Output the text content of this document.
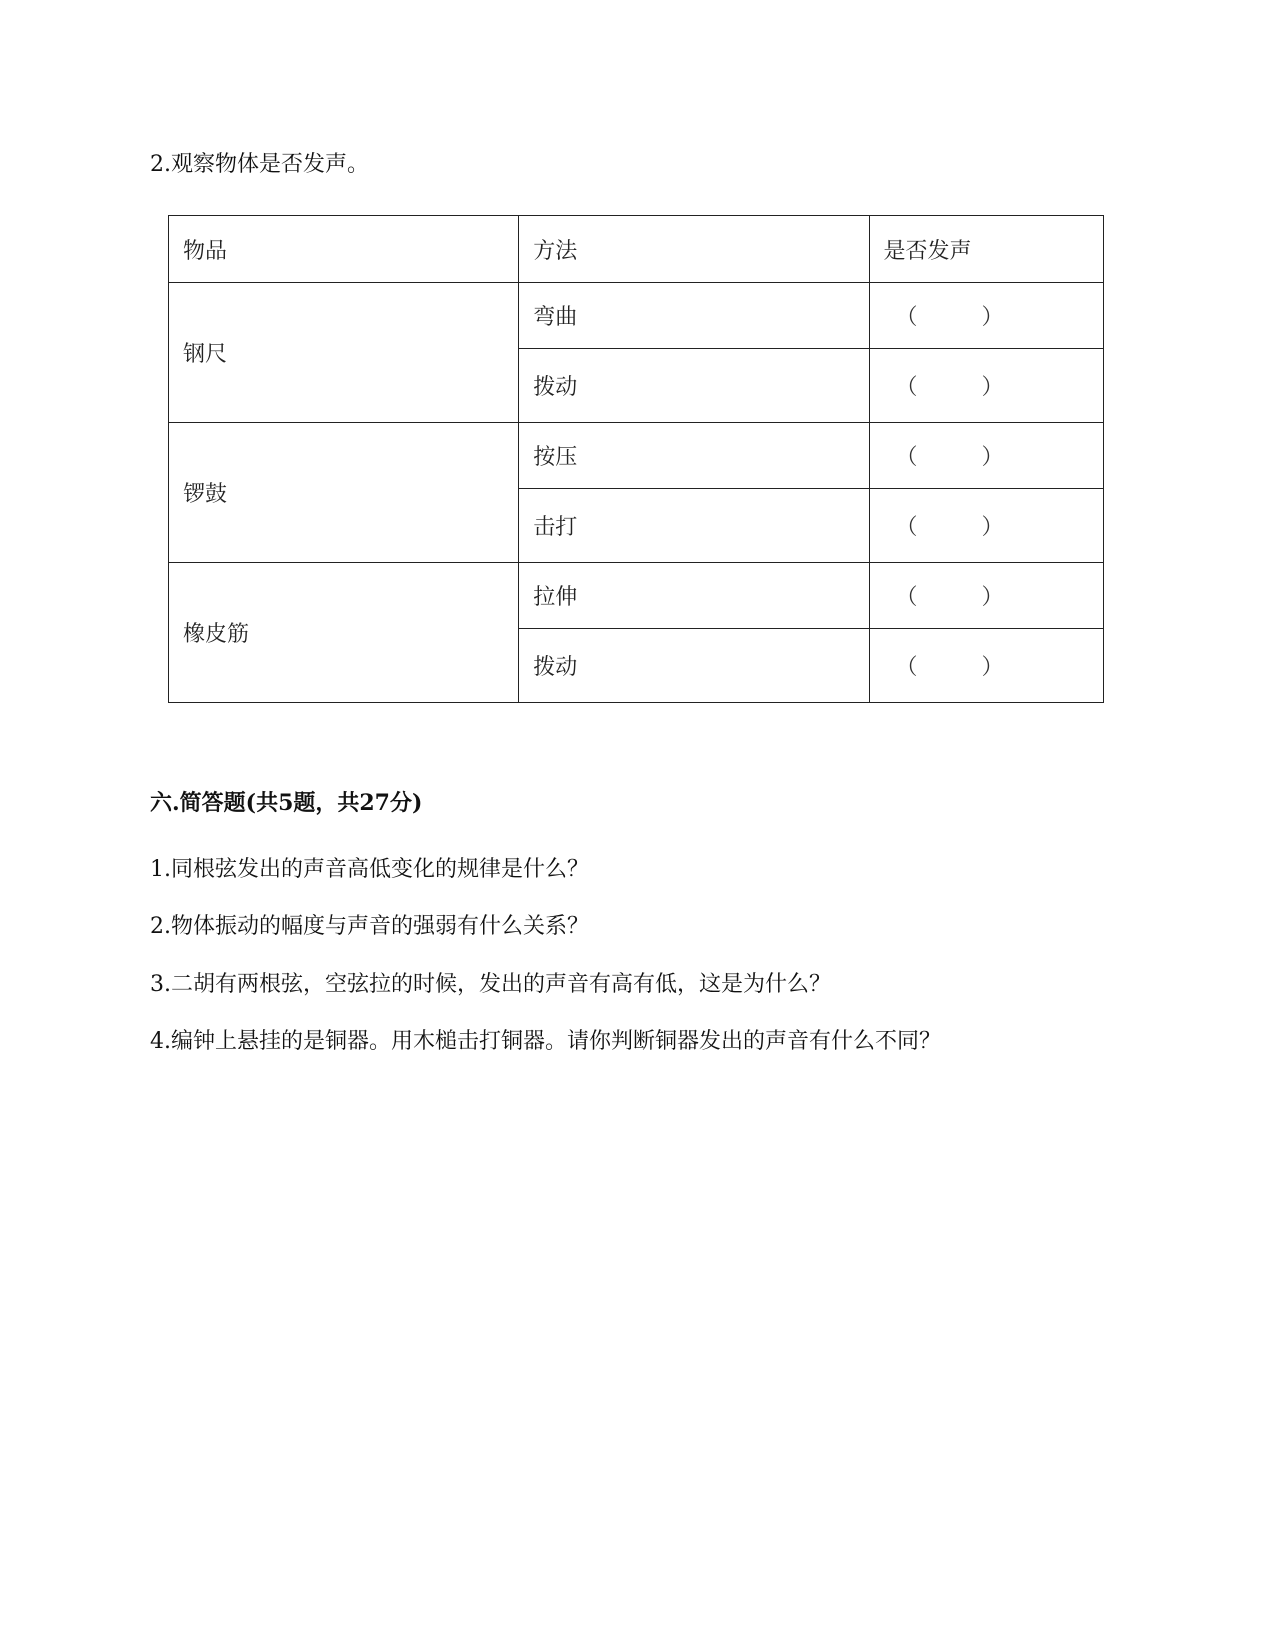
2.观察物体是否发声。
物品	方法	是否发声
钢尺	弯曲	（ ）

	拨动	（ ）

锣鼓	按压	（ ）

	击打	（ ）

橡皮筋	拉伸	（ ）

	拨动	（ ）
六.简答题(共5题，共27分)
1.同根弦发出的声音高低变化的规律是什么？
2.物体振动的幅度与声音的强弱有什么关系？
3.二胡有两根弦，空弦拉的时候，发出的声音有高有低，这是为什么？
4.编钟上悬挂的是铜器。用木槌击打铜器。请你判断铜器发出的声音有什么不同？
